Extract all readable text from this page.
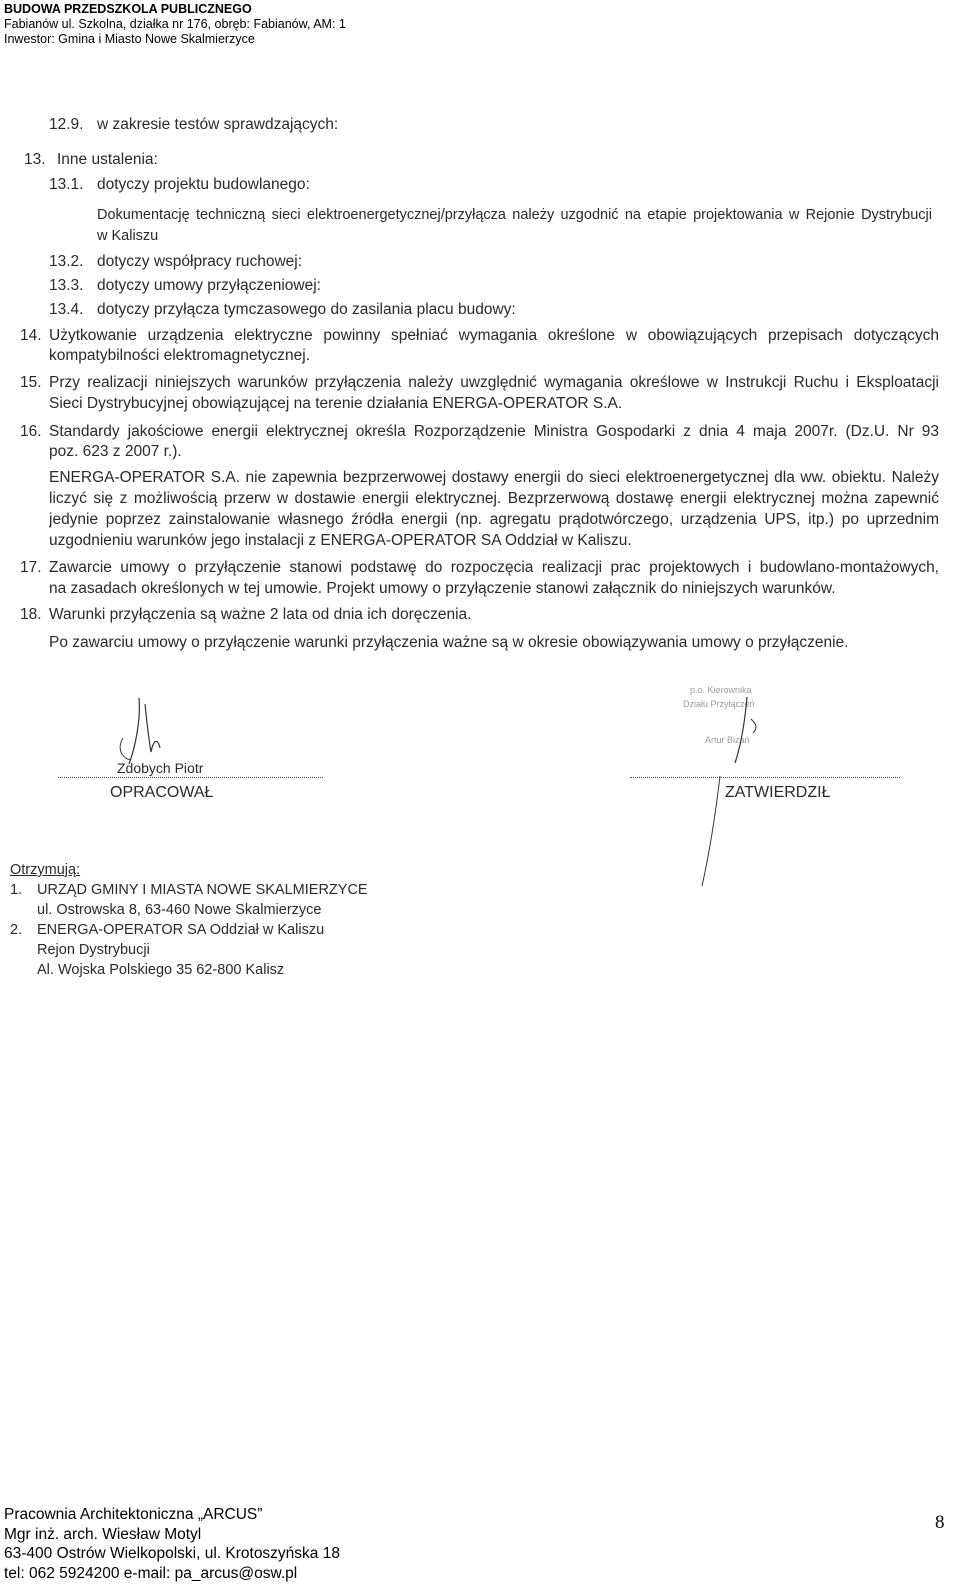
BUDOWA PRZEDSZKOLA PUBLICZNEGO
Fabianów ul. Szkolna, działka nr 176, obręb: Fabianów, AM: 1
Inwestor: Gmina i Miasto Nowe Skalmierzyce
12.9. w zakresie testów sprawdzających:
13. Inne ustalenia:
13.1. dotyczy projektu budowlanego:
Dokumentację techniczną sieci elektroenergetycznej/przyłącza należy uzgodnić na etapie projektowania w Rejonie Dystrybucji
w Kaliszu
13.2. dotyczy współpracy ruchowej:
13.3. dotyczy umowy przyłączeniowej:
13.4. dotyczy przyłącza tymczasowego do zasilania placu budowy:
14. Użytkowanie urządzenia elektryczne powinny spełniać wymagania określone w obowiązujących przepisach dotyczących
kompatybilności elektromagnetycznej.
15. Przy realizacji niniejszych warunków przyłączenia należy uwzględnić wymagania określowe w Instrukcji Ruchu i Eksploatacji
Sieci Dystrybucyjnej obowiązującej na terenie działania ENERGA-OPERATOR S.A.
16. Standardy jakościowe energii elektrycznej określa Rozporządzenie Ministra Gospodarki z dnia 4 maja 2007r. (Dz.U. Nr 93
poz. 623 z 2007 r.).
ENERGA-OPERATOR S.A. nie zapewnia bezprzerwowej dostawy energii do sieci elektroenergetycznej dla ww. obiektu. Należy
liczyć się z możliwością przerw w dostawie energii elektrycznej. Bezprzerwową dostawę energii elektrycznej można zapewnić
jedynie poprzez zainstalowanie własnego źródła energii (np. agregatu prądotwórczego, urządzenia UPS, itp.) po uprzednim
uzgodnieniu warunków jego instalacji z ENERGA-OPERATOR SA Oddział w Kaliszu.
17. Zawarcie umowy o przyłączenie stanowi podstawę do rozpoczęcia realizacji prac projektowych i budowlano-montażowych,
na zasadach określonych w tej umowie. Projekt umowy o przyłączenie stanowi załącznik do niniejszych warunków.
18. Warunki przyłączenia są ważne 2 lata od dnia ich doręczenia.
Po zawarciu umowy o przyłączenie warunki przyłączenia ważne są w okresie obowiązywania umowy o przyłączenie.
Zdobych Piotr
OPRACOWAŁ
p.o. Kierownika
Działu Przyłączeń
Artur Bizań
ZATWIERDZIŁ
Otrzymują:
1. URZĄD GMINY I MIASTA NOWE SKALMIERZYCE
ul. Ostrowska 8, 63-460 Nowe Skalmierzyce
2. ENERGA-OPERATOR SA Oddział w Kaliszu
Rejon Dystrybucji
Al. Wojska Polskiego 35 62-800 Kalisz
Pracownia Architektoniczna „ARCUS”
Mgr inż. arch. Wiesław Motyl
63-400 Ostrów Wielkopolski, ul. Krotoszyńska 18
tel: 062 5924200 e-mail: pa_arcus@osw.pl
8
